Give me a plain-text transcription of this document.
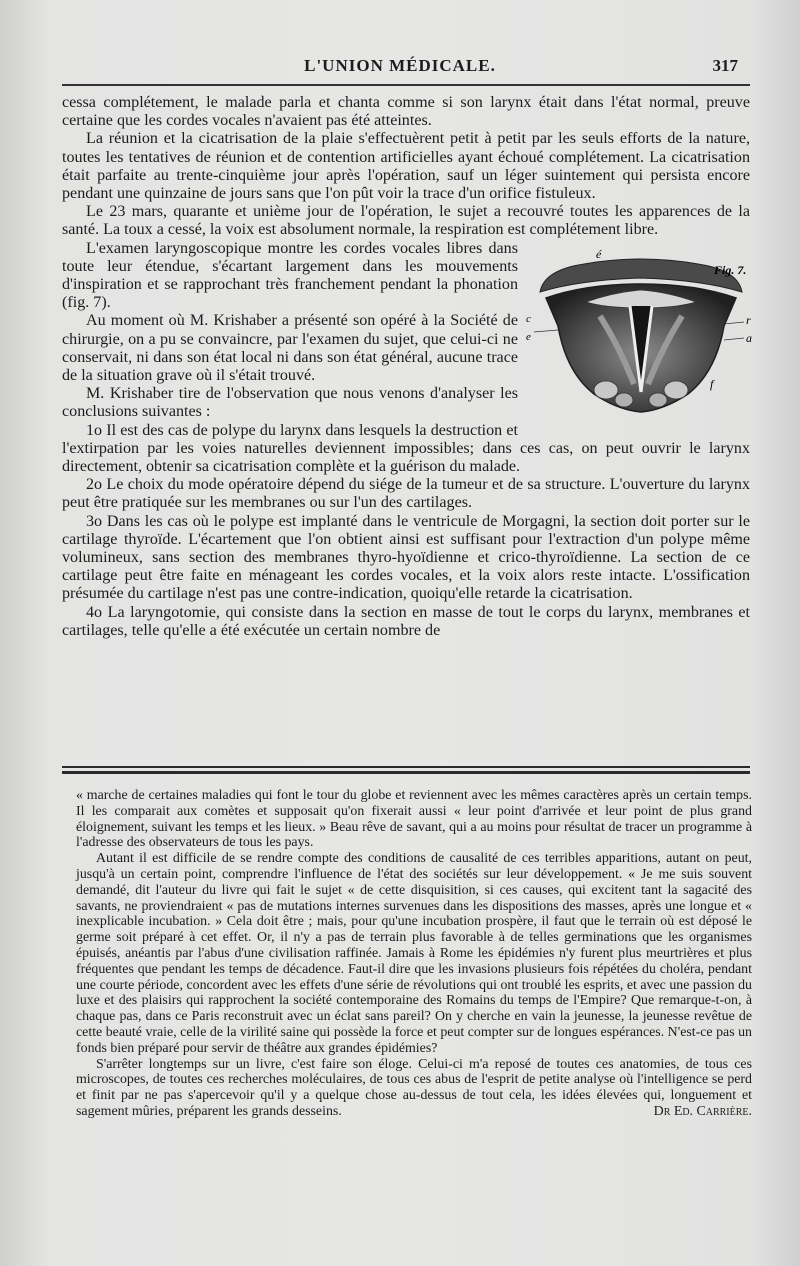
L'UNION MÉDICALE.	317

cessa complétement, le malade parla et chanta comme si son larynx était dans l'état normal, preuve certaine que les cordes vocales n'avaient pas été atteintes.

La réunion et la cicatrisation de la plaie s'effectuèrent petit à petit par les seuls efforts de la nature, toutes les tentatives de réunion et de contention artificielles ayant échoué complétement. La cicatrisation était parfaite au trente-cinquième jour après l'opération, sauf un léger suintement qui persista encore pendant une quinzaine de jours sans que l'on pût voir la trace d'un orifice fistuleux.

Le 23 mars, quarante et unième jour de l'opération, le sujet a recouvré toutes les apparences de la santé. La toux a cessé, la voix est absolument normale, la respiration est complétement libre.

é
Fig. 7.
c
e
r
a
f

L'examen laryngoscopique montre les cordes vocales libres dans toute leur étendue, s'écartant largement dans les mouvements d'inspiration et se rapprochant très franchement pendant la phonation (fig. 7).

Au moment où M. Krishaber a présenté son opéré à la Société de chirurgie, on a pu se convaincre, par l'examen du sujet, que celui-ci ne conservait, ni dans son état local ni dans son état général, aucune trace de la situation grave où il s'était trouvé.

M. Krishaber tire de l'observation que nous venons d'analyser les conclusions suivantes :

1o Il est des cas de polype du larynx dans lesquels la destruction et l'extirpation par les voies naturelles deviennent impossibles; dans ces cas, on peut ouvrir le larynx directement, obtenir sa cicatrisation complète et la guérison du malade.

2o Le choix du mode opératoire dépend du siége de la tumeur et de sa structure. L'ouverture du larynx peut être pratiquée sur les membranes ou sur l'un des cartilages.

3o Dans les cas où le polype est implanté dans le ventricule de Morgagni, la section doit porter sur le cartilage thyroïde. L'écartement que l'on obtient ainsi est suffisant pour l'extraction d'un polype même volumineux, sans section des membranes thyro-hyoïdienne et crico-thyroïdienne. La section de ce cartilage peut être faite en ménageant les cordes vocales, et la voix alors reste intacte. L'ossification présumée du cartilage n'est pas une contre-indication, quoiqu'elle retarde la cicatrisation.

4o La laryngotomie, qui consiste dans la section en masse de tout le corps du larynx, membranes et cartilages, telle qu'elle a été exécutée un certain nombre de

« marche de certaines maladies qui font le tour du globe et reviennent avec les mêmes caractères après un certain temps. Il les comparait aux comètes et supposait qu'on fixerait aussi « leur point d'arrivée et leur point de plus grand éloignement, suivant les temps et les lieux. » Beau rêve de savant, qui a au moins pour résultat de tracer un programme à l'adresse des observateurs de tous les pays.

Autant il est difficile de se rendre compte des conditions de causalité de ces terribles apparitions, autant on peut, jusqu'à un certain point, comprendre l'influence de l'état des sociétés sur leur développement. « Je me suis souvent demandé, dit l'auteur du livre qui fait le sujet « de cette disquisition, si ces causes, qui excitent tant la sagacité des savants, ne proviendraient « pas de mutations internes survenues dans les dispositions des masses, après une longue et « inexplicable incubation. » Cela doit être ; mais, pour qu'une incubation prospère, il faut que le terrain où est déposé le germe soit préparé à cet effet. Or, il n'y a pas de terrain plus favorable à de telles germinations que les organismes épuisés, anéantis par l'abus d'une civilisation raffinée. Jamais à Rome les épidémies n'y furent plus meurtrières et plus fréquentes que pendant les temps de décadence. Faut-il dire que les invasions plusieurs fois répétées du choléra, pendant une courte période, concordent avec les effets d'une série de révolutions qui ont troublé les esprits, et avec une passion du luxe et des plaisirs qui rapprochent la société contemporaine des Romains du temps de l'Empire? Que remarque-t-on, à chaque pas, dans ce Paris reconstruit avec un éclat sans pareil? On y cherche en vain la jeunesse, la jeunesse revêtue de cette beauté vraie, celle de la virilité saine qui possède la force et peut compter sur de longues espérances. N'est-ce pas un fonds bien préparé pour servir de théâtre aux grandes épidémies?

S'arrêter longtemps sur un livre, c'est faire son éloge. Celui-ci m'a reposé de toutes ces anatomies, de tous ces microscopes, de toutes ces recherches moléculaires, de tous ces abus de l'esprit de petite analyse où l'intelligence se perd et finit par ne pas s'apercevoir qu'il y a quelque chose au-dessus de tout cela, les idées élevées qui, longuement et sagement mûries, préparent les grands desseins.	Dr Ed. Carrière.
